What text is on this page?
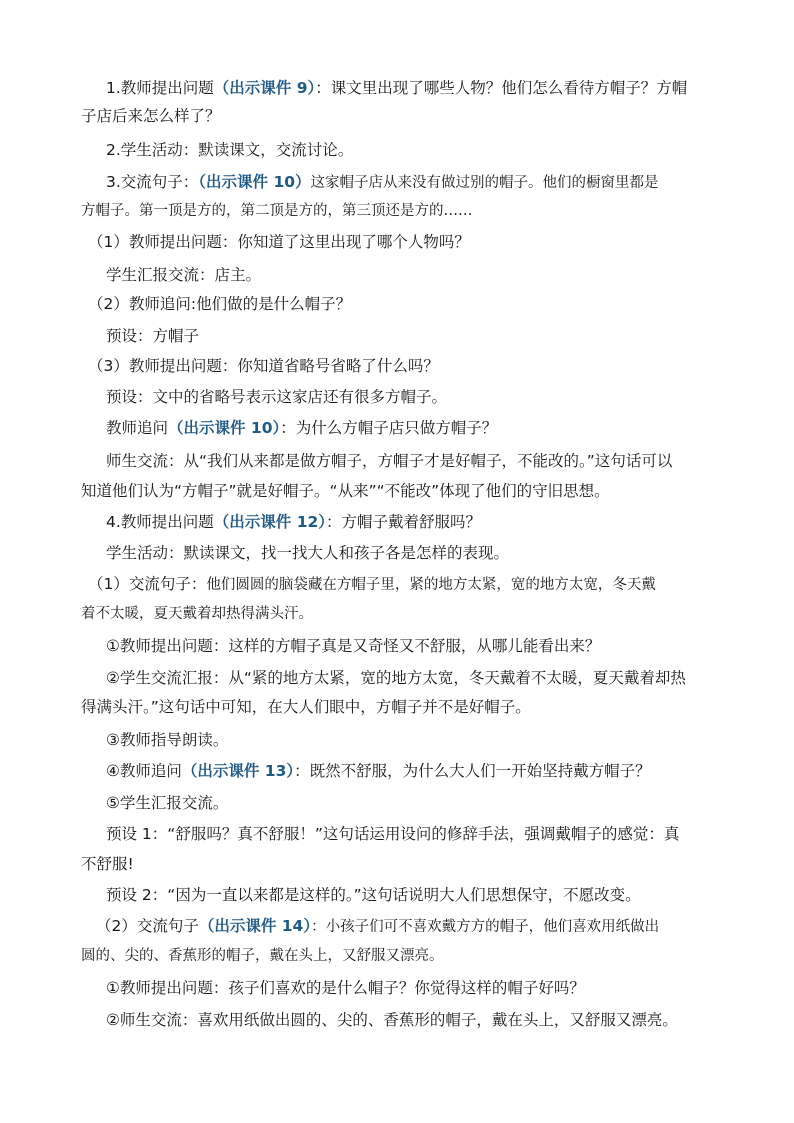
1.教师提出问题（出示课件 9）：课文里出现了哪些人物？他们怎么看待方帽子？方帽
子店后来怎么样了？
2.学生活动：默读课文，交流讨论。
3.交流句子：（出示课件 10）这家帽子店从来没有做过别的帽子。他们的橱窗里都是
方帽子。第一顶是方的，第二顶是方的，第三顶还是方的……
（1）教师提出问题：你知道了这里出现了哪个人物吗？
学生汇报交流：店主。
（2）教师追问:他们做的是什么帽子？
预设：方帽子
（3）教师提出问题：你知道省略号省略了什么吗？
预设：文中的省略号表示这家店还有很多方帽子。
教师追问（出示课件 10）：为什么方帽子店只做方帽子？
师生交流：从“我们从来都是做方帽子，方帽子才是好帽子，不能改的。”这句话可以
知道他们认为“方帽子”就是好帽子。“从来”“不能改”体现了他们的守旧思想。
4.教师提出问题（出示课件 12）：方帽子戴着舒服吗？
学生活动：默读课文，找一找大人和孩子各是怎样的表现。
（1）交流句子：他们圆圆的脑袋藏在方帽子里，紧的地方太紧，宽的地方太宽，冬天戴
着不太暖，夏天戴着却热得满头汗。
①教师提出问题：这样的方帽子真是又奇怪又不舒服，从哪儿能看出来？
②学生交流汇报：从“紧的地方太紧，宽的地方太宽，冬天戴着不太暖，夏天戴着却热
得满头汗。”这句话中可知，在大人们眼中，方帽子并不是好帽子。
③教师指导朗读。
④教师追问（出示课件 13）：既然不舒服，为什么大人们一开始坚持戴方帽子？
⑤学生汇报交流。
预设 1：“舒服吗？真不舒服！”这句话运用设问的修辞手法，强调戴帽子的感觉：真
不舒服!
预设 2：“因为一直以来都是这样的。”这句话说明大人们思想保守，不愿改变。
（2）交流句子（出示课件 14）：小孩子们可不喜欢戴方方的帽子，他们喜欢用纸做出
圆的、尖的、香蕉形的帽子，戴在头上，又舒服又漂亮。
①教师提出问题：孩子们喜欢的是什么帽子？你觉得这样的帽子好吗？
②师生交流：喜欢用纸做出圆的、尖的、香蕉形的帽子，戴在头上，又舒服又漂亮。
